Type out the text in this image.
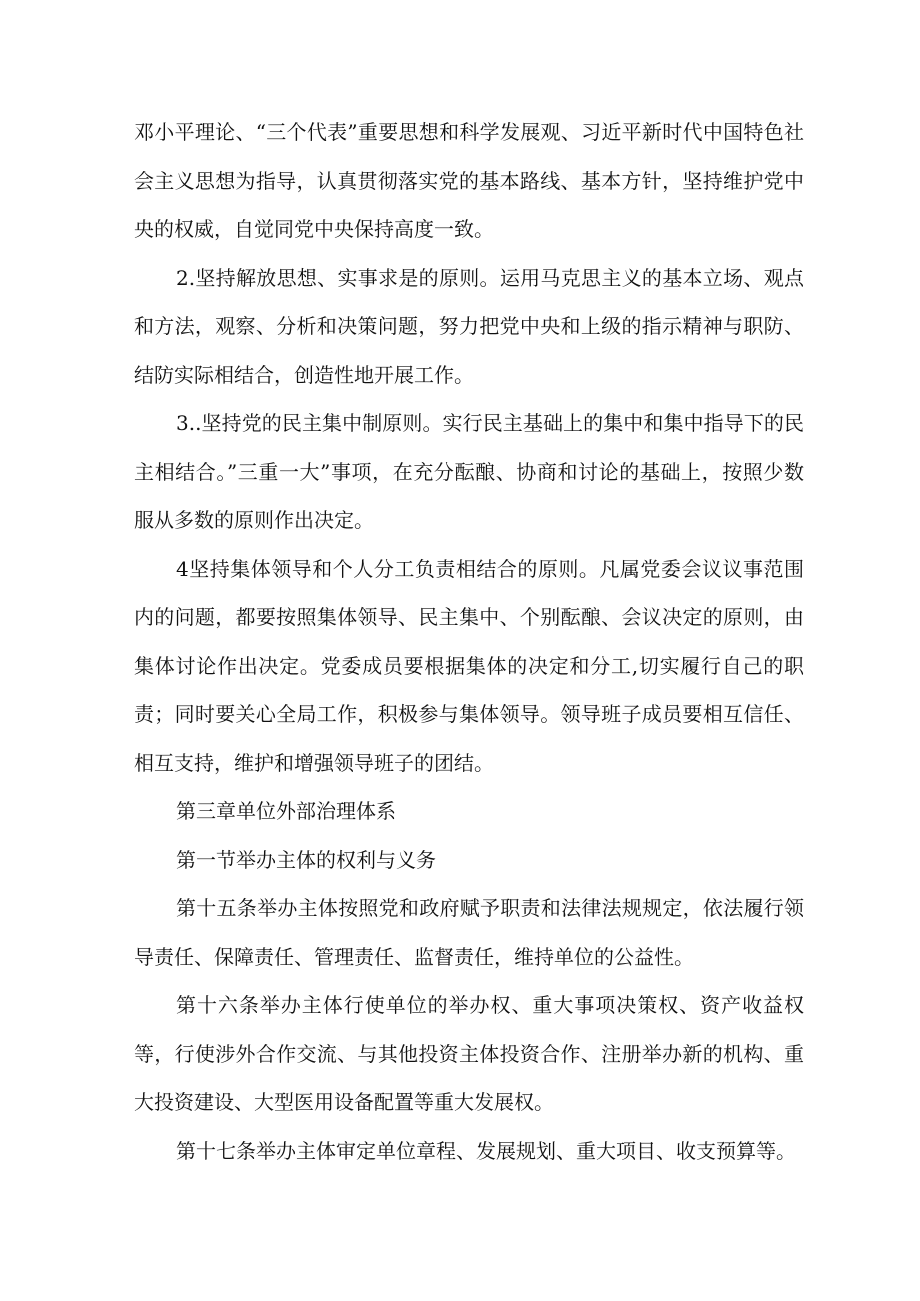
邓小平理论、“三个代表”重要思想和科学发展观、习近平新时代中国特色社会主义思想为指导，认真贯彻落实党的基本路线、基本方针，坚持维护党中央的权威，自觉同党中央保持高度一致。

2.坚持解放思想、实事求是的原则。运用马克思主义的基本立场、观点和方法，观察、分析和决策问题，努力把党中央和上级的指示精神与职防、结防实际相结合，创造性地开展工作。

3..坚持党的民主集中制原则。实行民主基础上的集中和集中指导下的民主相结合。”三重一大”事项，在充分酝酿、协商和讨论的基础上，按照少数服从多数的原则作出决定。

4坚持集体领导和个人分工负责相结合的原则。凡属党委会议议事范围内的问题，都要按照集体领导、民主集中、个别酝酿、会议决定的原则，由集体讨论作出决定。党委成员要根据集体的决定和分工,切实履行自己的职责；同时要关心全局工作，积极参与集体领导。领导班子成员要相互信任、相互支持，维护和增强领导班子的团结。

第三章单位外部治理体系

第一节举办主体的权利与义务

第十五条举办主体按照党和政府赋予职责和法律法规规定，依法履行领导责任、保障责任、管理责任、监督责任，维持单位的公益性。

第十六条举办主体行使单位的举办权、重大事项决策权、资产收益权等，行使涉外合作交流、与其他投资主体投资合作、注册举办新的机构、重大投资建设、大型医用设备配置等重大发展权。

第十七条举办主体审定单位章程、发展规划、重大项目、收支预算等。
